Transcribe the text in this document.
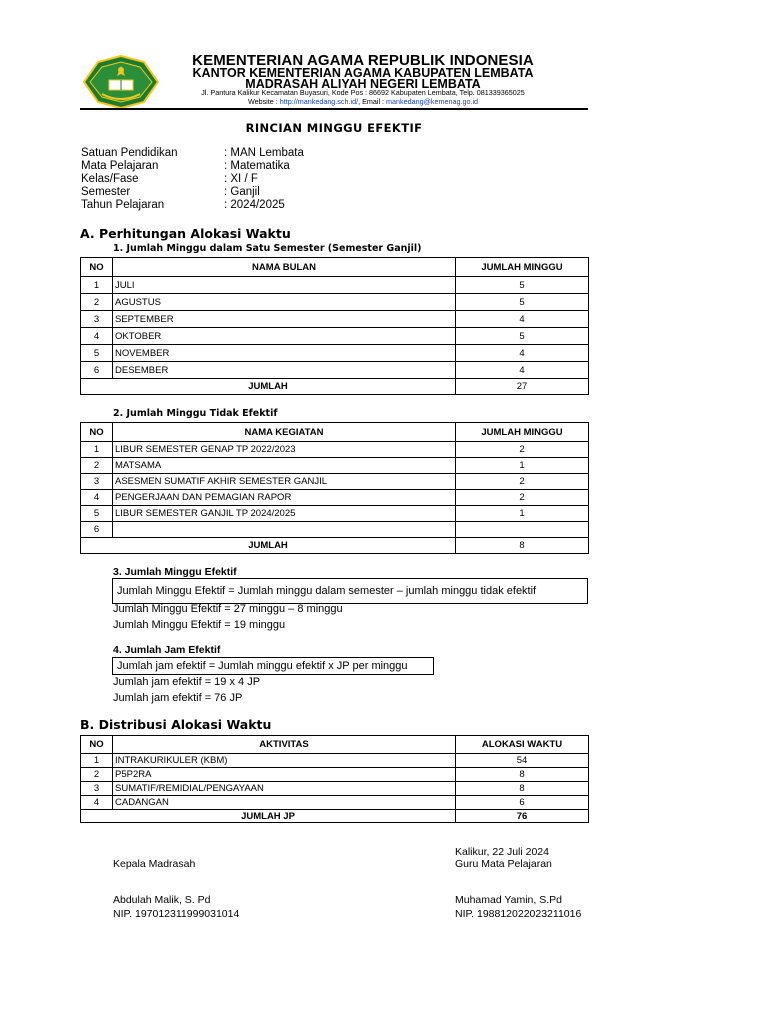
KEMENTERIAN AGAMA REPUBLIK INDONESIA
KANTOR KEMENTERIAN AGAMA KABUPATEN LEMBATA
MADRASAH ALIYAH NEGERI LEMBATA
Jl. Pantura Kalikur Kecamatan Buyasuri, Kode Pos : 86692 Kabupaten Lembata, Telp. 081339365025
Website : http://mankedang.sch.id/, Email : mankedang@kemenag.go.id
RINCIAN MINGGU EFEKTIF
Satuan Pendidikan	: MAN Lembata
Mata Pelajaran	: Matematika
Kelas/Fase	: XI / F
Semester	: Ganjil
Tahun Pelajaran	: 2024/2025
A. Perhitungan Alokasi Waktu
1. Jumlah Minggu dalam Satu Semester (Semester Ganjil)
NO	NAMA BULAN	JUMLAH MINGGU
1	JULI	5
2	AGUSTUS	5
3	SEPTEMBER	4
4	OKTOBER	5
5	NOVEMBER	4
6	DESEMBER	4
JUMLAH		27
2. Jumlah Minggu Tidak Efektif
NO	NAMA KEGIATAN	JUMLAH MINGGU
1	LIBUR SEMESTER GENAP TP 2022/2023	2
2	MATSAMA	1
3	ASESMEN SUMATIF AKHIR SEMESTER GANJIL	2
4	PENGERJAAN DAN PEMAGIAN RAPOR	2
5	LIBUR SEMESTER GANJIL TP 2024/2025	1
6		
JUMLAH		8
3. Jumlah Minggu Efektif
Jumlah Minggu Efektif = Jumlah minggu dalam semester – jumlah minggu tidak efektif
Jumlah Minggu Efektif = 27 minggu – 8 minggu
Jumlah Minggu Efektif = 19 minggu
4. Jumlah Jam Efektif
Jumlah jam efektif = Jumlah minggu efektif x JP per minggu
Jumlah jam efektif = 19 x 4 JP
Jumlah jam efektif = 76 JP
B. Distribusi Alokasi Waktu
NO	AKTIVITAS	ALOKASI WAKTU
1	INTRAKURIKULER (KBM)	54
2	P5P2RA	8
3	SUMATIF/REMIDIAL/PENGAYAAN	8
4	CADANGAN	6
JUMLAH JP		76
Kalikur, 22 Juli 2024
Kepala Madrasah	Guru Mata Pelajaran
Abdulah Malik, S. Pd	Muhamad Yamin, S.Pd
NIP. 197012311999031014	NIP. 198812022023211016
